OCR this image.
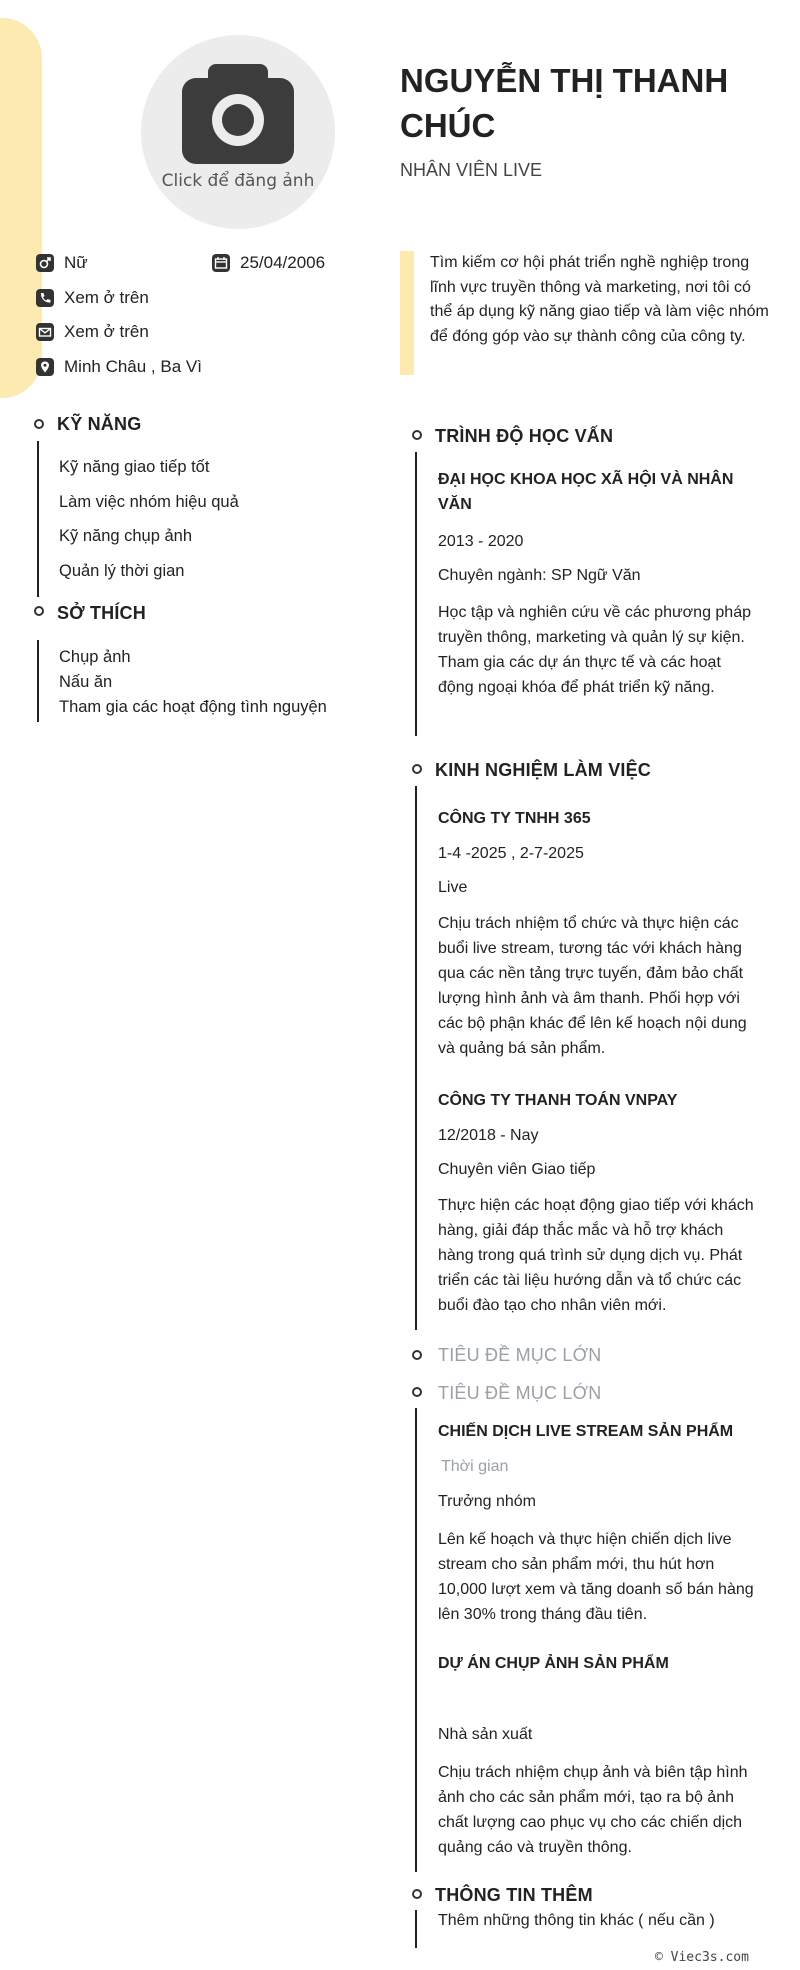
Click để đăng ảnh
NGUYỄN THỊ THANH CHÚC
NHÂN VIÊN LIVE
Nữ	25/04/2006
Xem ở trên
Xem ở trên
Minh Châu , Ba Vì
Tìm kiếm cơ hội phát triển nghề nghiệp trong lĩnh vực truyền thông và marketing, nơi tôi có thể áp dụng kỹ năng giao tiếp và làm việc nhóm để đóng góp vào sự thành công của công ty.
KỸ NĂNG
Kỹ năng giao tiếp tốt
Làm việc nhóm hiệu quả
Kỹ năng chụp ảnh
Quản lý thời gian
SỞ THÍCH
Chụp ảnh
Nấu ăn
Tham gia các hoạt động tình nguyện
TRÌNH ĐỘ HỌC VẤN
ĐẠI HỌC KHOA HỌC XÃ HỘI VÀ NHÂN VĂN
2013 - 2020
Chuyên ngành: SP Ngữ Văn
Học tập và nghiên cứu về các phương pháp truyền thông, marketing và quản lý sự kiện. Tham gia các dự án thực tế và các hoạt động ngoại khóa để phát triển kỹ năng.
KINH NGHIỆM LÀM VIỆC
CÔNG TY TNHH 365
1-4 -2025 , 2-7-2025
Live
Chịu trách nhiệm tổ chức và thực hiện các buổi live stream, tương tác với khách hàng qua các nền tảng trực tuyến, đảm bảo chất lượng hình ảnh và âm thanh. Phối hợp với các bộ phận khác để lên kế hoạch nội dung và quảng bá sản phẩm.
CÔNG TY THANH TOÁN VNPAY
12/2018 - Nay
Chuyên viên Giao tiếp
Thực hiện các hoạt động giao tiếp với khách hàng, giải đáp thắc mắc và hỗ trợ khách hàng trong quá trình sử dụng dịch vụ. Phát triển các tài liệu hướng dẫn và tổ chức các buổi đào tạo cho nhân viên mới.
TIÊU ĐỀ MỤC LỚN
TIÊU ĐỀ MỤC LỚN
CHIẾN DỊCH LIVE STREAM SẢN PHẨM
Thời gian
Trưởng nhóm
Lên kế hoạch và thực hiện chiến dịch live stream cho sản phẩm mới, thu hút hơn 10,000 lượt xem và tăng doanh số bán hàng lên 30% trong tháng đầu tiên.
DỰ ÁN CHỤP ẢNH SẢN PHẨM
Nhà sản xuất
Chịu trách nhiệm chụp ảnh và biên tập hình ảnh cho các sản phẩm mới, tạo ra bộ ảnh chất lượng cao phục vụ cho các chiến dịch quảng cáo và truyền thông.
THÔNG TIN THÊM
Thêm những thông tin khác ( nếu cần )
© Viec3s.com
